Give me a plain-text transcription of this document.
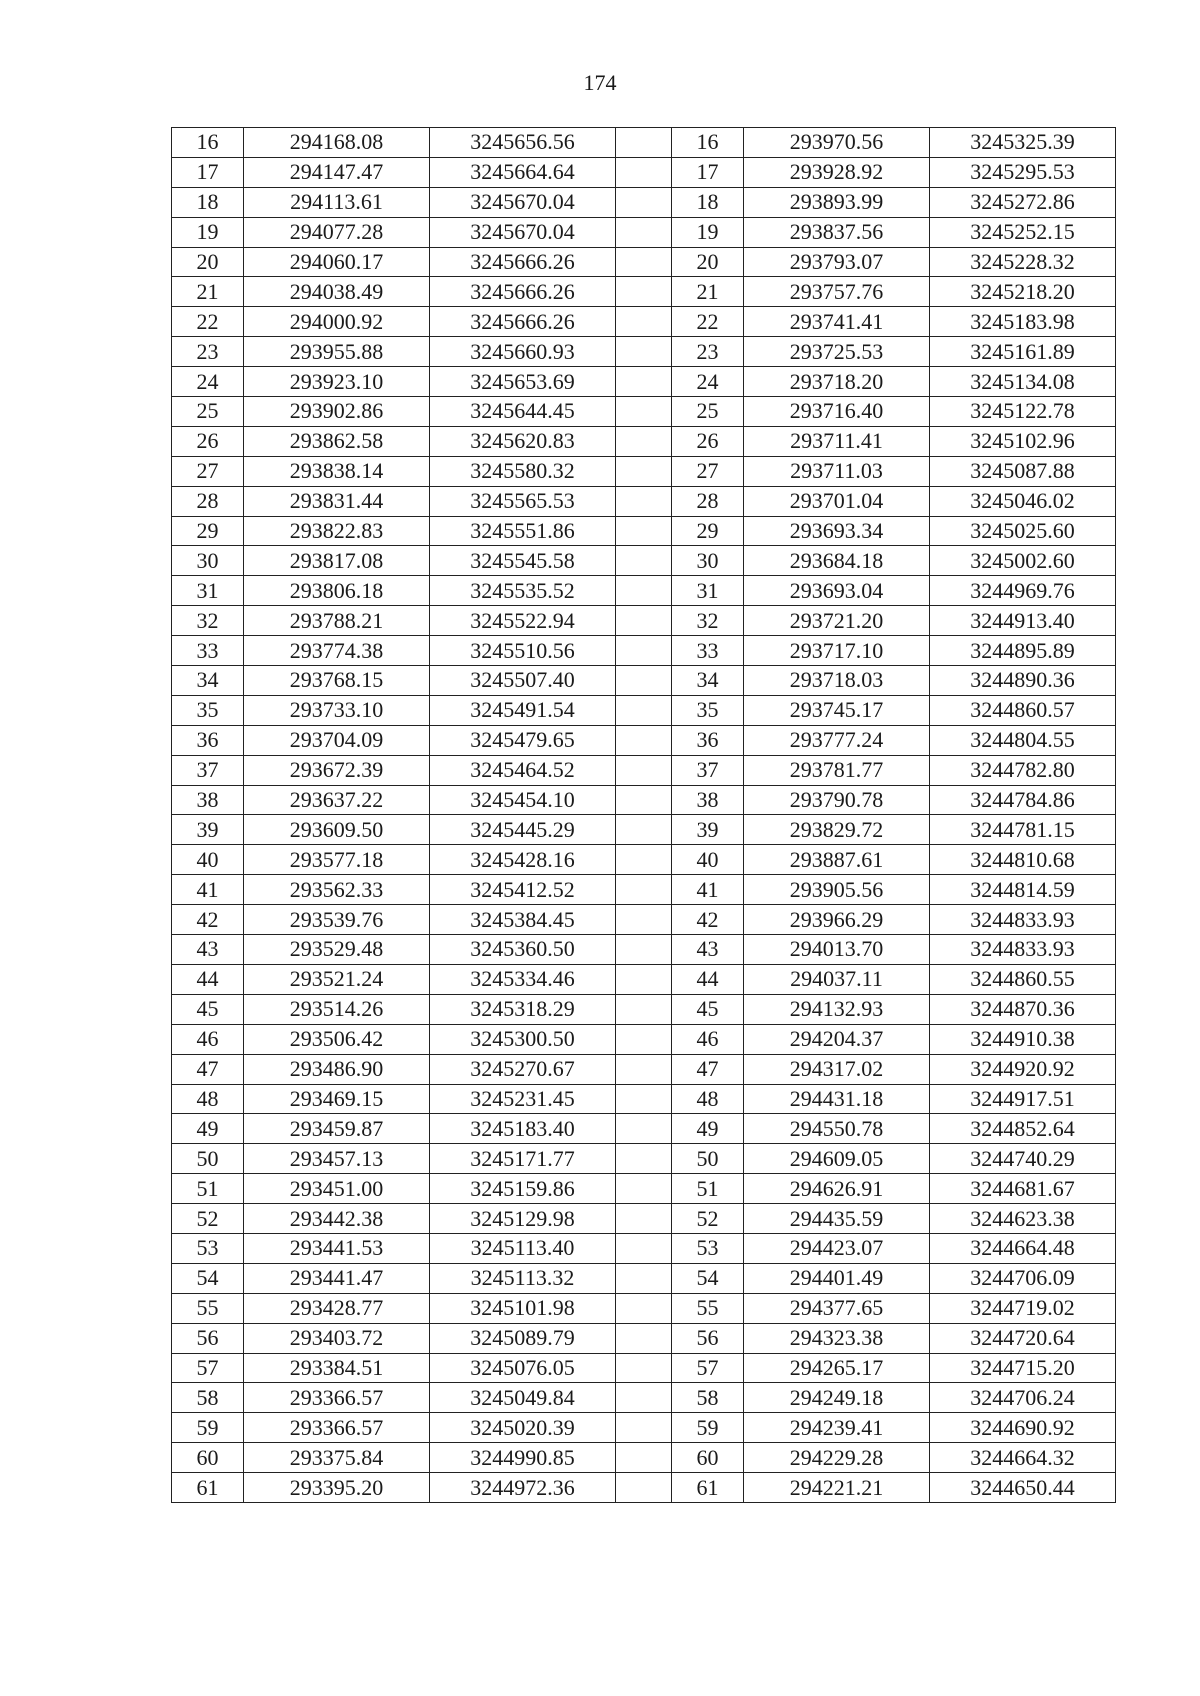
174
16	294168.08	3245656.56		16	293970.56	3245325.39
17	294147.47	3245664.64		17	293928.92	3245295.53
18	294113.61	3245670.04		18	293893.99	3245272.86
19	294077.28	3245670.04		19	293837.56	3245252.15
20	294060.17	3245666.26		20	293793.07	3245228.32
21	294038.49	3245666.26		21	293757.76	3245218.20
22	294000.92	3245666.26		22	293741.41	3245183.98
23	293955.88	3245660.93		23	293725.53	3245161.89
24	293923.10	3245653.69		24	293718.20	3245134.08
25	293902.86	3245644.45		25	293716.40	3245122.78
26	293862.58	3245620.83		26	293711.41	3245102.96
27	293838.14	3245580.32		27	293711.03	3245087.88
28	293831.44	3245565.53		28	293701.04	3245046.02
29	293822.83	3245551.86		29	293693.34	3245025.60
30	293817.08	3245545.58		30	293684.18	3245002.60
31	293806.18	3245535.52		31	293693.04	3244969.76
32	293788.21	3245522.94		32	293721.20	3244913.40
33	293774.38	3245510.56		33	293717.10	3244895.89
34	293768.15	3245507.40		34	293718.03	3244890.36
35	293733.10	3245491.54		35	293745.17	3244860.57
36	293704.09	3245479.65		36	293777.24	3244804.55
37	293672.39	3245464.52		37	293781.77	3244782.80
38	293637.22	3245454.10		38	293790.78	3244784.86
39	293609.50	3245445.29		39	293829.72	3244781.15
40	293577.18	3245428.16		40	293887.61	3244810.68
41	293562.33	3245412.52		41	293905.56	3244814.59
42	293539.76	3245384.45		42	293966.29	3244833.93
43	293529.48	3245360.50		43	294013.70	3244833.93
44	293521.24	3245334.46		44	294037.11	3244860.55
45	293514.26	3245318.29		45	294132.93	3244870.36
46	293506.42	3245300.50		46	294204.37	3244910.38
47	293486.90	3245270.67		47	294317.02	3244920.92
48	293469.15	3245231.45		48	294431.18	3244917.51
49	293459.87	3245183.40		49	294550.78	3244852.64
50	293457.13	3245171.77		50	294609.05	3244740.29
51	293451.00	3245159.86		51	294626.91	3244681.67
52	293442.38	3245129.98		52	294435.59	3244623.38
53	293441.53	3245113.40		53	294423.07	3244664.48
54	293441.47	3245113.32		54	294401.49	3244706.09
55	293428.77	3245101.98		55	294377.65	3244719.02
56	293403.72	3245089.79		56	294323.38	3244720.64
57	293384.51	3245076.05		57	294265.17	3244715.20
58	293366.57	3245049.84		58	294249.18	3244706.24
59	293366.57	3245020.39		59	294239.41	3244690.92
60	293375.84	3244990.85		60	294229.28	3244664.32
61	293395.20	3244972.36		61	294221.21	3244650.44
